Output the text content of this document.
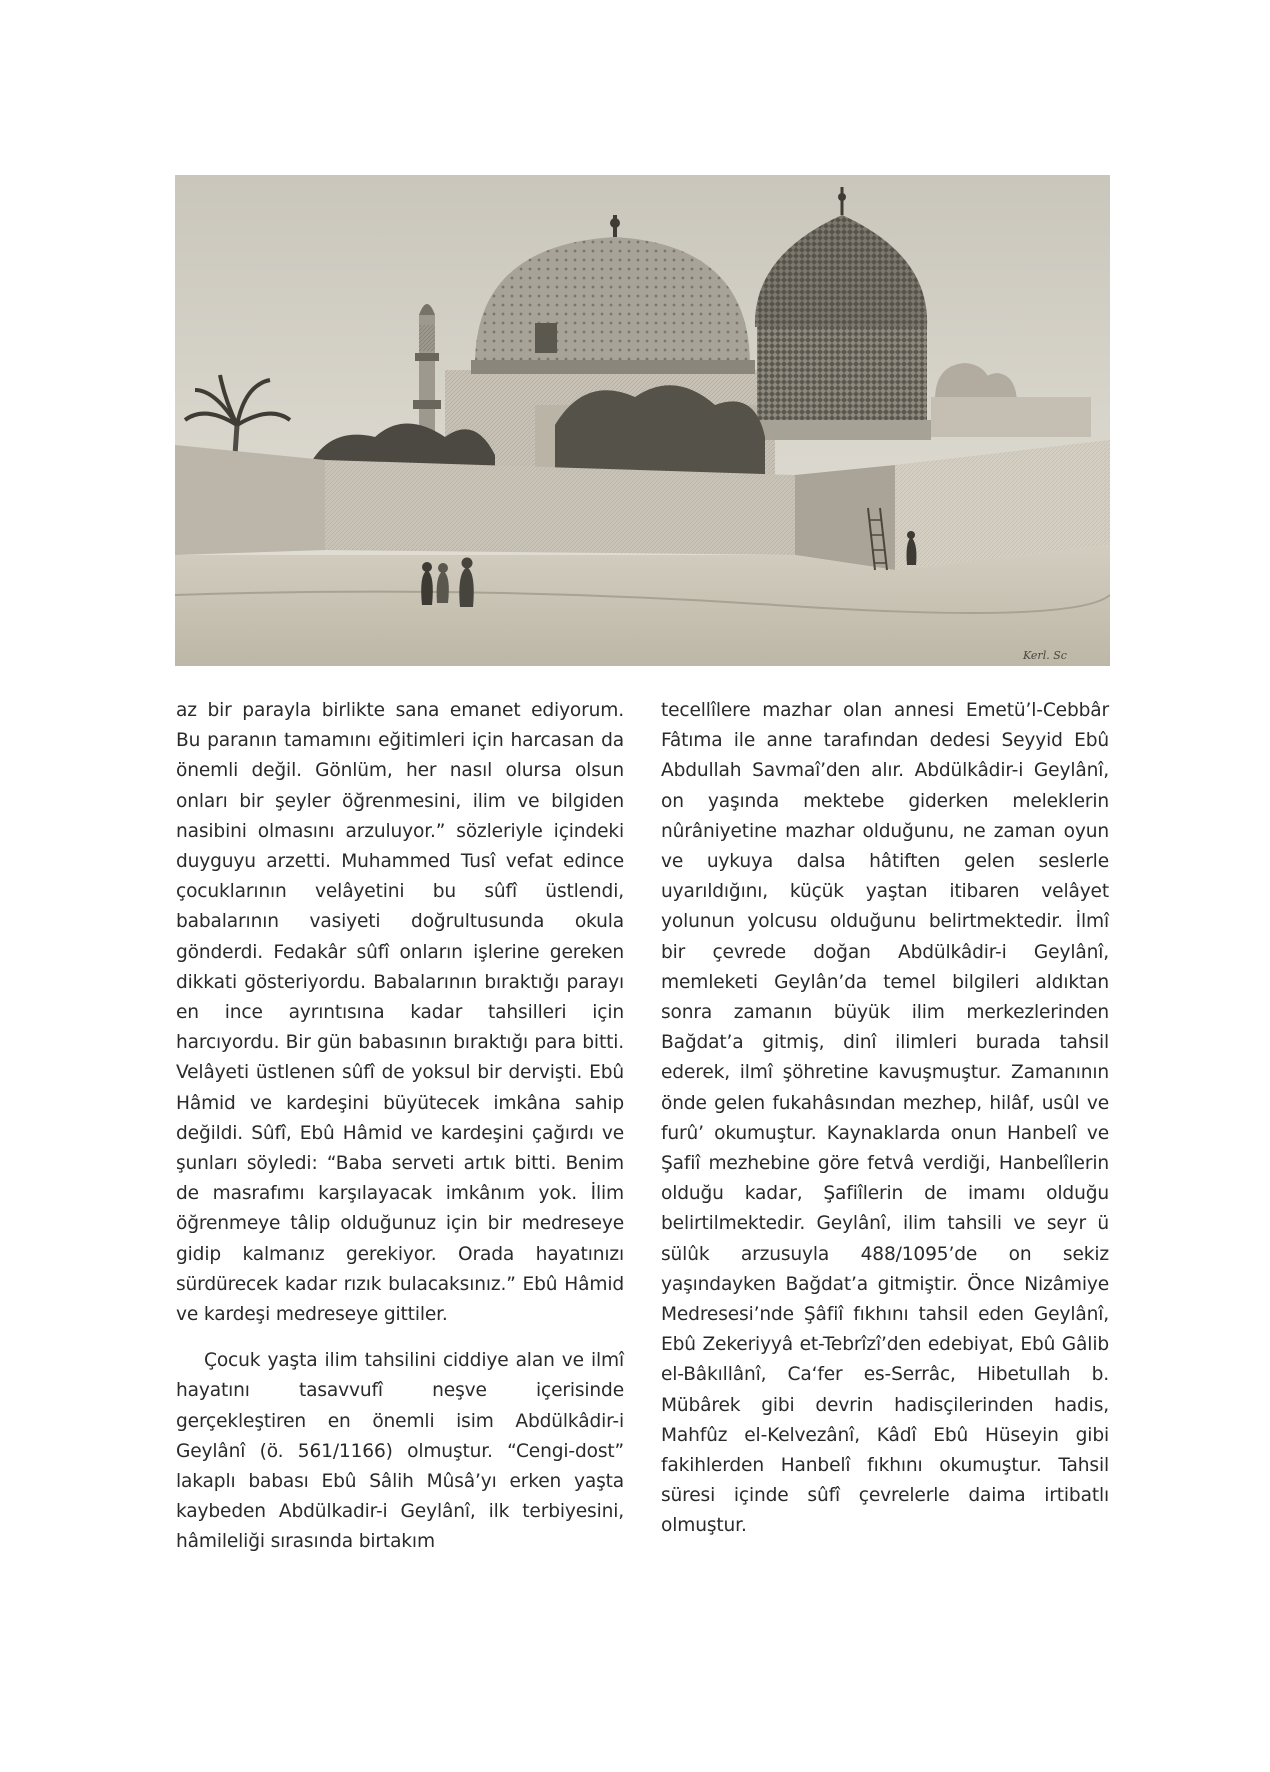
Kerl. Sc

az bir parayla birlikte sana emanet ediyorum. Bu paranın tamamını eğitimleri için harcasan da önemli değil. Gönlüm, her nasıl olursa olsun onları bir şeyler öğrenmesini, ilim ve bilgiden nasibini olmasını arzuluyor.” sözleriyle içindeki duyguyu arzetti. Muhammed Tusî vefat edince çocuklarının velâyetini bu sûfî üstlendi, babalarının vasiyeti doğrultusunda okula gönderdi. Fedakâr sûfî onların işlerine gereken dikkati gösteriyordu. Babalarının bıraktığı parayı en ince ayrıntısına kadar tahsilleri için harcıyordu. Bir gün babasının bıraktığı para bitti. Velâyeti üstlenen sûfî de yoksul bir dervişti. Ebû Hâmid ve kardeşini büyütecek imkâna sahip değildi. Sûfî, Ebû Hâmid ve kardeşini çağırdı ve şunları söyledi: “Baba serveti artık bitti. Benim de masrafımı karşılayacak imkânım yok. İlim öğrenmeye tâlip olduğunuz için bir medreseye gidip kalmanız gerekiyor. Orada hayatınızı sürdürecek kadar rızık bulacaksınız.” Ebû Hâmid ve kardeşi medreseye gittiler.

Çocuk yaşta ilim tahsilini ciddiye alan ve ilmî hayatını tasavvufî neşve içerisinde gerçekleştiren en önemli isim Abdülkâdir-i Geylânî (ö. 561/1166) olmuştur. “Cengi-dost” lakaplı babası Ebû Sâlih Mûsâ’yı erken yaşta kaybeden Abdülkadir-i Geylânî, ilk terbiyesini, hâmileliği sırasında birtakım

tecellîlere mazhar olan annesi Emetü’l-Cebbâr Fâtıma ile anne tarafından dedesi Seyyid Ebû Abdullah Savmaî’den alır. Abdülkâdir-i Geylânî, on yaşında mektebe giderken meleklerin nûrâniyetine mazhar olduğunu, ne zaman oyun ve uykuya dalsa hâtiften gelen seslerle uyarıldığını, küçük yaştan itibaren velâyet yolunun yolcusu olduğunu belirtmektedir. İlmî bir çevrede doğan Abdülkâdir-i Geylânî, memleketi Geylân’da temel bilgileri aldıktan sonra zamanın büyük ilim merkezlerinden Bağdat’a gitmiş, dinî ilimleri burada tahsil ederek, ilmî şöhretine kavuşmuştur. Zamanının önde gelen fukahâsından mezhep, hilâf, usûl ve furû’ okumuştur. Kaynaklarda onun Hanbelî ve Şafiî mezhebine göre fetvâ verdiği, Hanbelîlerin olduğu kadar, Şafiîlerin de imamı olduğu belirtilmektedir. Geylânî, ilim tahsili ve seyr ü sülûk arzusuyla 488/1095’de on sekiz yaşındayken Bağdat’a gitmiştir. Önce Nizâmiye Medresesi’nde Şâfiî fıkhını tahsil eden Geylânî, Ebû Zekeriyyâ et-Tebrîzî’den edebiyat, Ebû Gâlib el-Bâkıllânî, Ca‘fer es-Serrâc, Hibetullah b. Mübârek gibi devrin hadisçilerinden hadis, Mahfûz el-Kelvezânî, Kâdî Ebû Hüseyin gibi fakihlerden Hanbelî fıkhını okumuştur. Tahsil süresi içinde sûfî çevrelerle daima irtibatlı olmuştur.
